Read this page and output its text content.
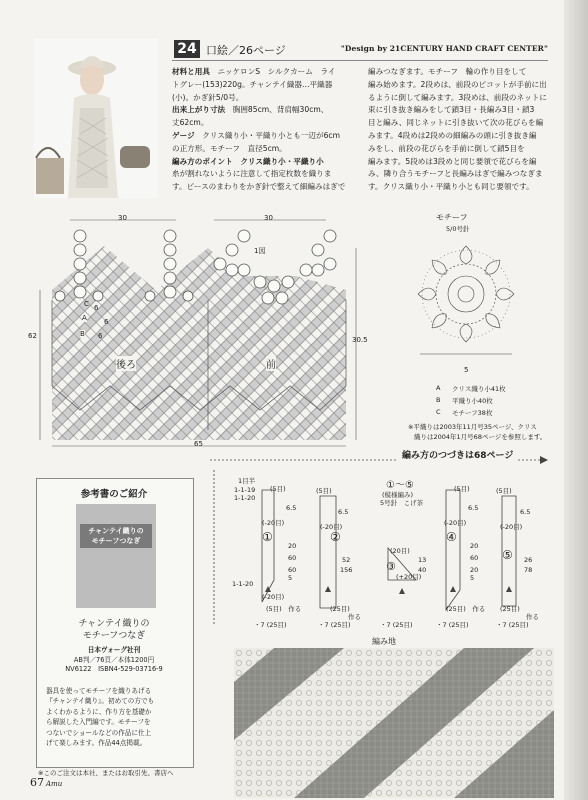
24 口絵／26ページ	"Design by 21CENTURY HAND CRAFT CENTER"
材料と用具　 ニッケロンS　シルクカーム　ライ
トグレー(153)220g。チャンテイ織器…平織器
(小)。かぎ針5/0号。
出来上がり寸法　 胸囲85cm、背肩幅30cm、
丈62cm。
ゲージ　 クリス織り小・平織り小とも一辺が6cm
の正方形。モチーフ　直径5cm。
編み方のポイント　 クリス織り小・平織り小
糸が割れないように注意して指定枚数を織りま
す。ピースのまわりをかぎ針で整えて細編みはぎで
編みつなぎます。モチーフ　輪の作り目をして
編み始めます。2段めは、前段のピコットが手前に出
るように倒して編みます。3段めは、前段のネットに
束に引き抜き編みをして鎖3目・長編み3目・鎖3
目と編み、同じネットに引き抜いて次の花びらを編
みます。4段めは2段めの細編みの頭に引き抜き編
みをし、前段の花びらを手前に倒して鎖5目を
編みます。5段めは3段めと同じ要領で花びらを編
み、隣り合うモチーフと長編みはぎで編みつなぎま
す。クリス織り小・平織り小とも同じ要領です。
30	30
62	30.5
65
1図
後ろ	前
A
B
C
6
6
6
モチーフ
5/0号針
5
A クリス織り小41枚
B 平織り小40枚
C モチーフ38枚
※平織りは2003年11月号35ページ、クリス
織りは2004年1月号68ページを参照します。
編み方のつづきは68ページ
1目半
1-1-19
1-1-20
1-1-20
①	②
③
④
⑤
①～⑤
(模様編み)
5号針　こげ茶
(5目)	(5目)	(5目)	(5目)
(-20目)	(-20目)
(20目)
(-20目)	(-20目)
(-20目)
(+20目)
6.5	6.5	6.5	6.5
20
60	52
156
20
60	26
78
13
40
60	20
5	5
(5目)　作る	(25目)	(25目)　作る (25目)
作る	作る
・7 (25目)	・7 (25目)	・7 (25目)	・7 (25目)	・7 (25目)
編み地
参考書のご紹介
チャンテイ織りの
モチーフつなぎ
チャンテイ織りの
モチーフつなぎ
日本ヴォーグ社刊
AB判／76頁／本体1200円
NV6122　ISBN4-529-03716-9
器具を使ってモチーフを織りあげる
『チャンテイ織り』。初めての方でも
よくわかるように、作り方を基礎か
ら解説した入門編です。モチーフを
つないでショールなどの作品に仕上
げて楽しみます。作品44点掲載。
※このご注文は本社、またはお取引先、書店へ
67 Amu
